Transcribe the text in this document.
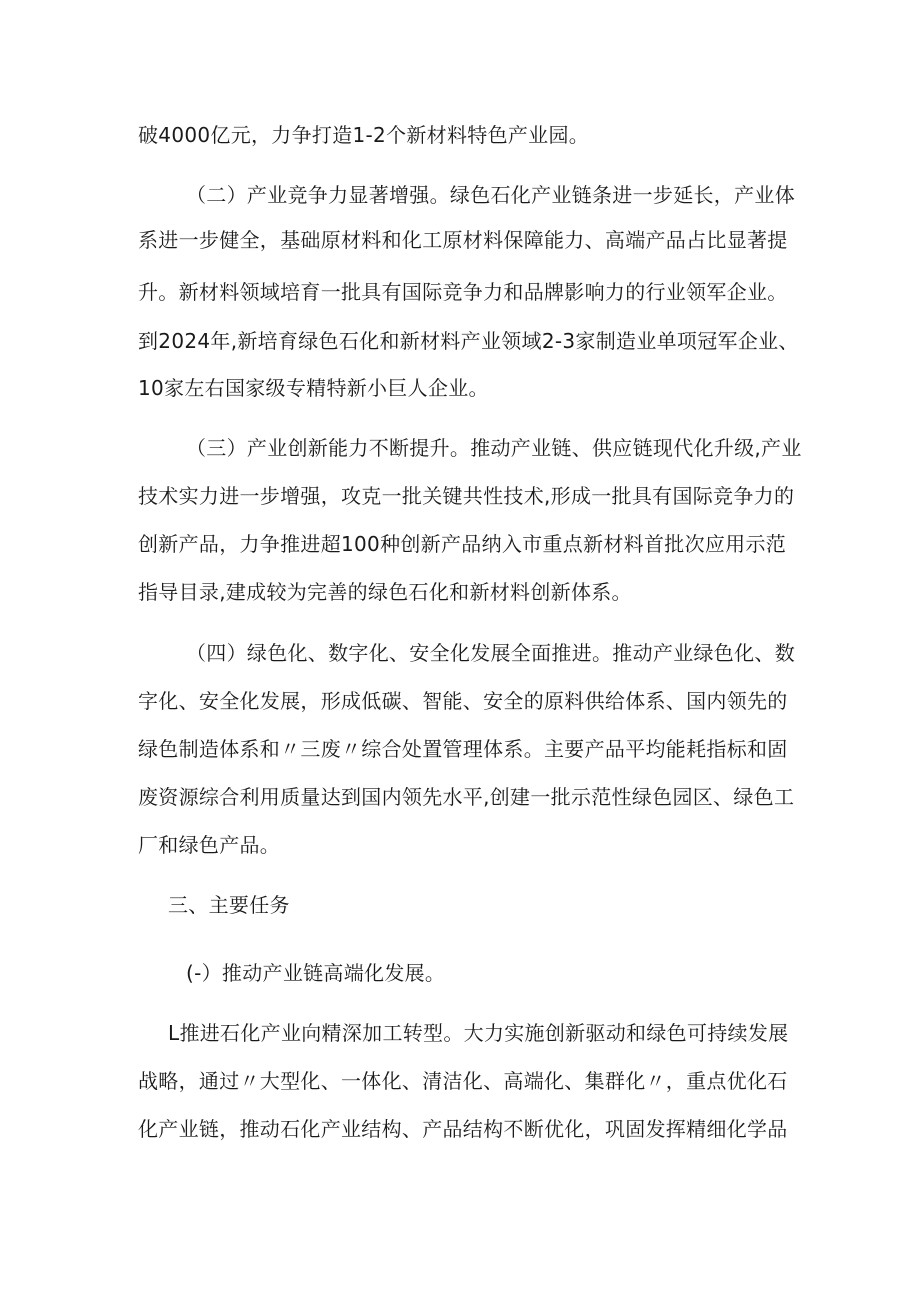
破4000亿元，力争打造1-2个新材料特色产业园。
（二）产业竞争力显著增强。绿色石化产业链条进一步延长，产业体
系进一步健全，基础原材料和化工原材料保障能力、高端产品占比显著提
升。新材料领域培育一批具有国际竞争力和品牌影响力的行业领军企业。
到2024年,新培育绿色石化和新材料产业领域2-3家制造业单项冠军企业、
10家左右国家级专精特新小巨人企业。
（三）产业创新能力不断提升。推动产业链、供应链现代化升级,产业
技术实力进一步增强，攻克一批关键共性技术,形成一批具有国际竞争力的
创新产品，力争推进超100种创新产品纳入市重点新材料首批次应用示范
指导目录,建成较为完善的绿色石化和新材料创新体系。
（四）绿色化、数字化、安全化发展全面推进。推动产业绿色化、数
字化、安全化发展，形成低碳、智能、安全的原料供给体系、国内领先的
绿色制造体系和〃三废〃综合处置管理体系。主要产品平均能耗指标和固
废资源综合利用质量达到国内领先水平,创建一批示范性绿色园区、绿色工
厂和绿色产品。
三、主要任务
(-）推动产业链高端化发展。
L推进石化产业向精深加工转型。大力实施创新驱动和绿色可持续发展
战略，通过〃大型化、一体化、清洁化、高端化、集群化〃，重点优化石
化产业链，推动石化产业结构、产品结构不断优化，巩固发挥精细化学品
